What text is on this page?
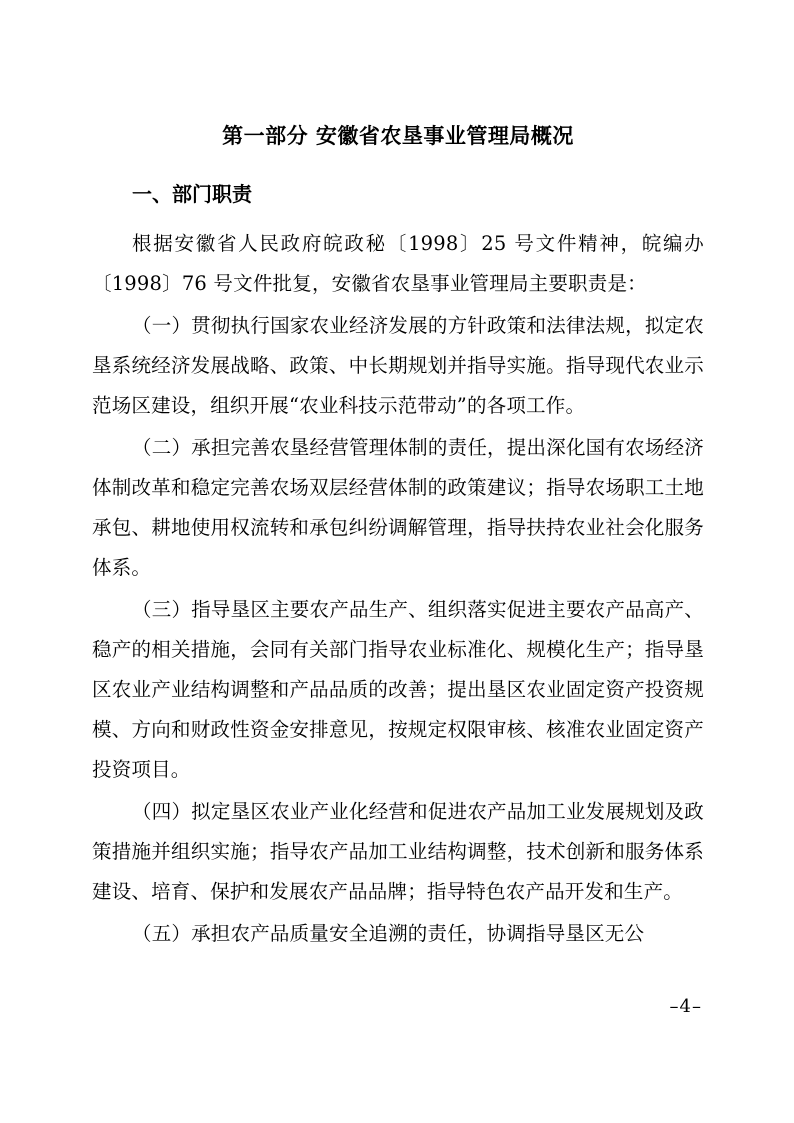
第一部分 安徽省农垦事业管理局概况
一、部门职责

根据安徽省人民政府皖政秘〔1998〕25 号文件精神，皖编办〔1998〕76 号文件批复，安徽省农垦事业管理局主要职责是：

（一）贯彻执行国家农业经济发展的方针政策和法律法规，拟定农垦系统经济发展战略、政策、中长期规划并指导实施。指导现代农业示范场区建设，组织开展“农业科技示范带动”的各项工作。

（二）承担完善农垦经营管理体制的责任，提出深化国有农场经济体制改革和稳定完善农场双层经营体制的政策建议；指导农场职工土地承包、耕地使用权流转和承包纠纷调解管理，指导扶持农业社会化服务体系。

（三）指导垦区主要农产品生产、组织落实促进主要农产品高产、稳产的相关措施，会同有关部门指导农业标准化、规模化生产；指导垦区农业产业结构调整和产品品质的改善；提出垦区农业固定资产投资规模、方向和财政性资金安排意见，按规定权限审核、核准农业固定资产投资项目。

（四）拟定垦区农业产业化经营和促进农产品加工业发展规划及政策措施并组织实施；指导农产品加工业结构调整，技术创新和服务体系建设、培育、保护和发展农产品品牌；指导特色农产品开发和生产。

（五）承担农产品质量安全追溯的责任，协调指导垦区无公

–4–
